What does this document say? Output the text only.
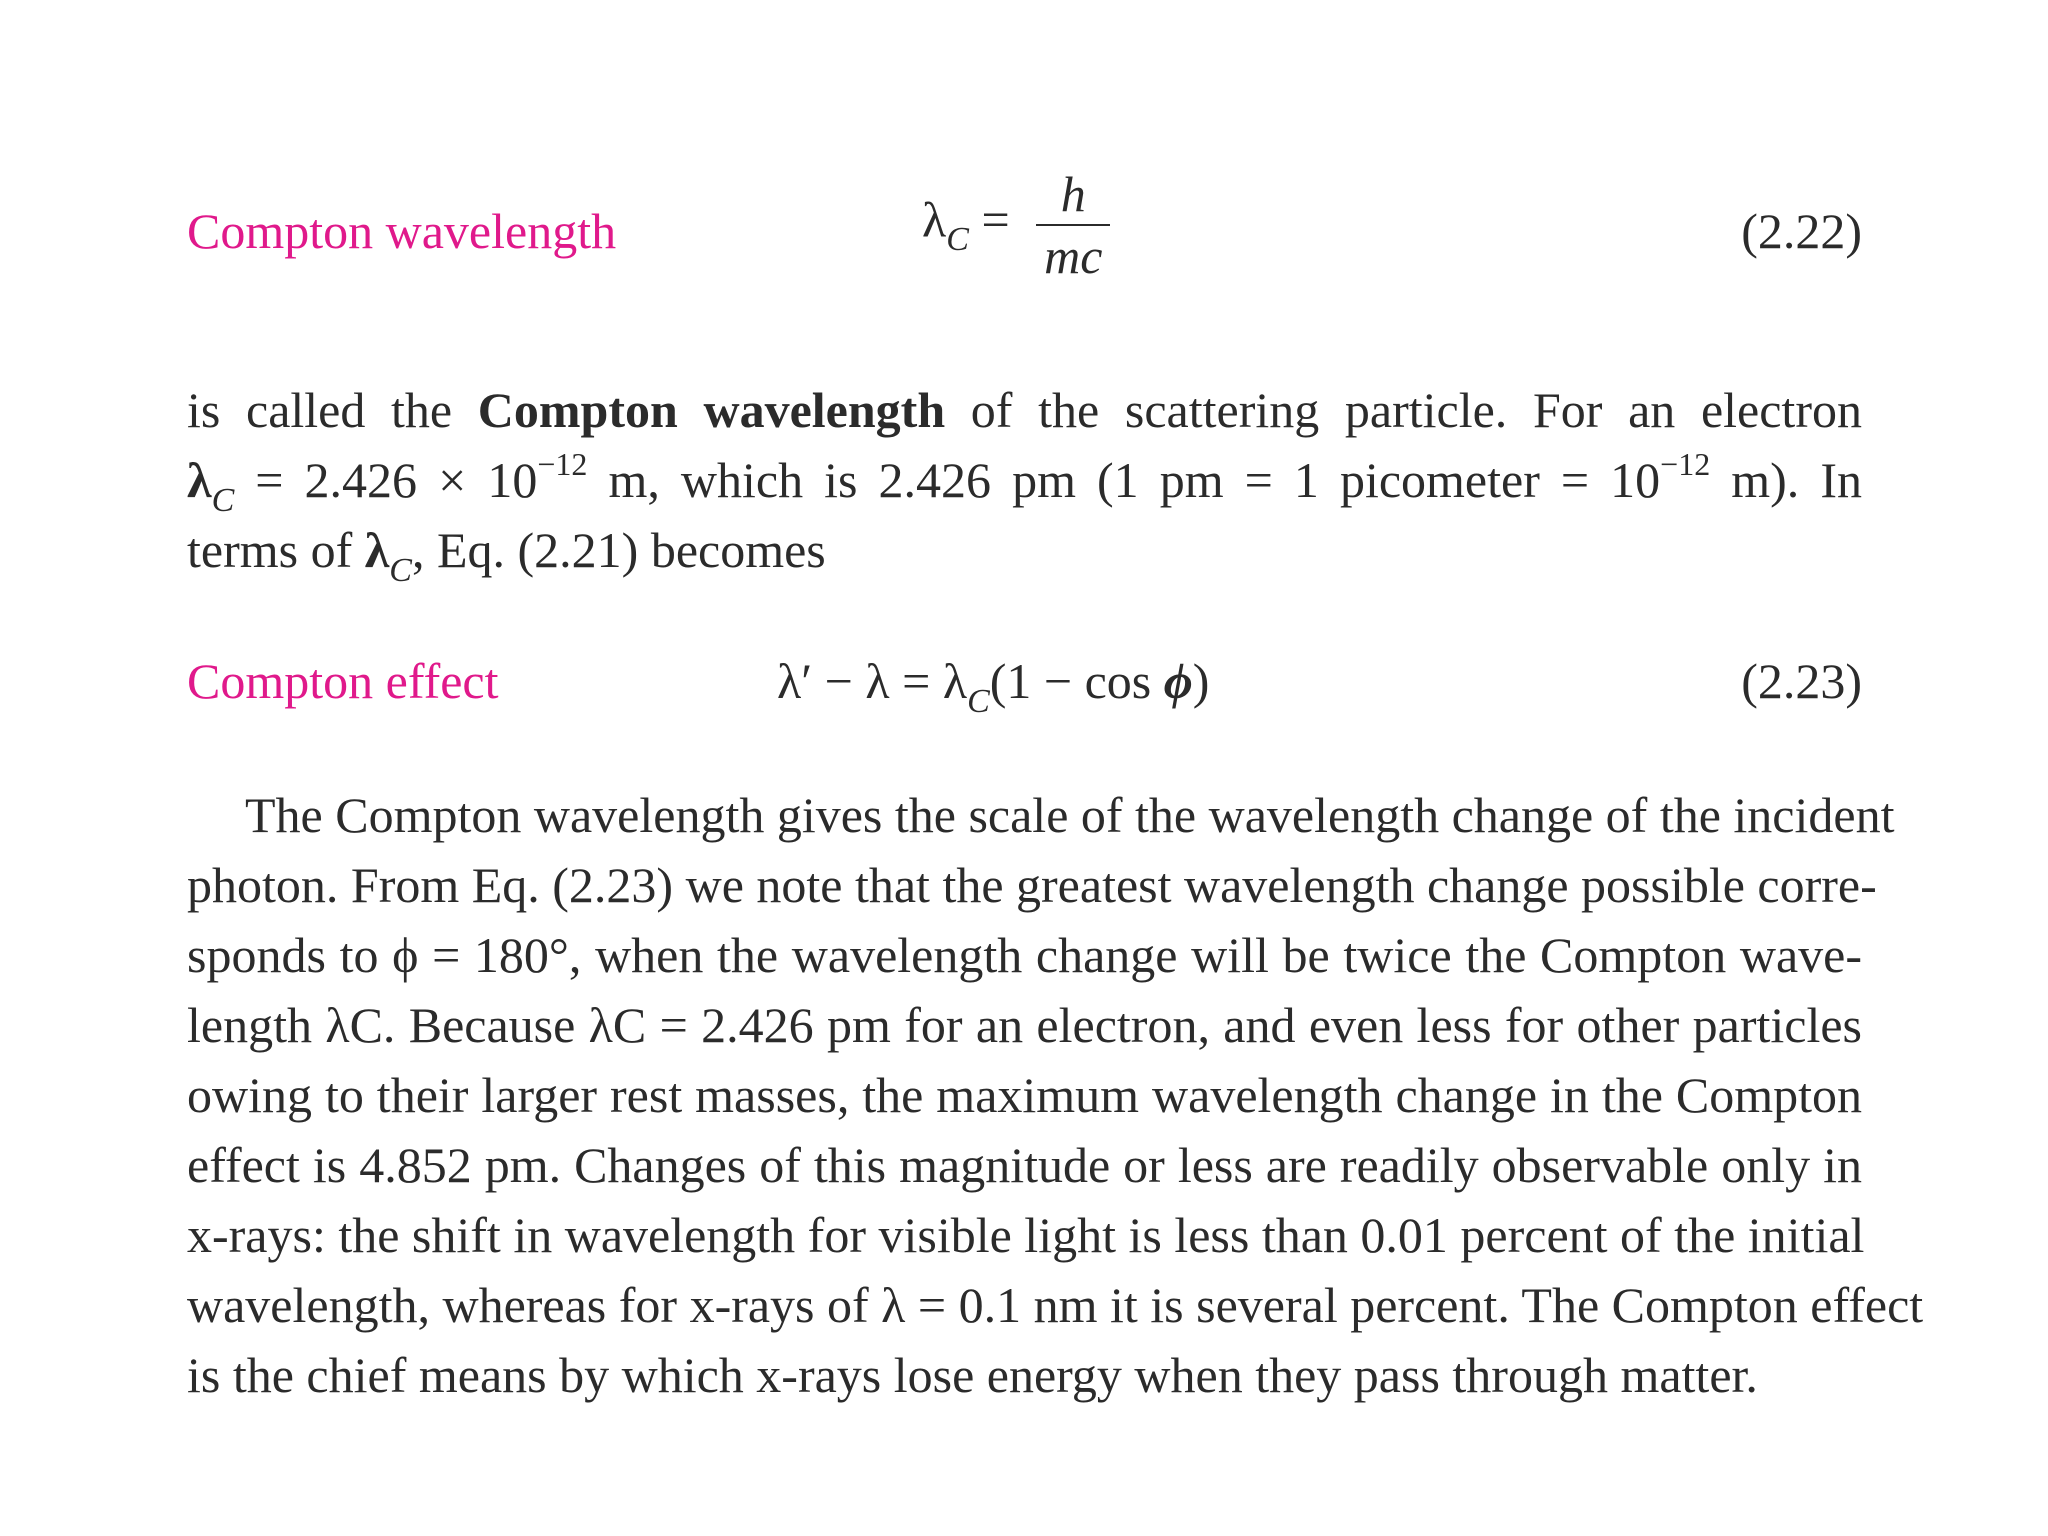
Compton wavelength	$\lambda_C = \frac{h}{mc}$	(2.22)
is called the Compton wavelength of the scattering particle. For an electron
$\lambda_C = 2.426 \times 10^{-12}$ m, which is 2.426 pm (1 pm = 1 picometer = $10^{-12}$ m). In
terms of $\lambda_C$, Eq. (2.21) becomes
Compton effect	$\lambda' - \lambda = \lambda_C(1 - \cos \phi)$	(2.23)
The Compton wavelength gives the scale of the wavelength change of the incident
photon. From Eq. (2.23) we note that the greatest wavelength change possible corre-
sponds to ϕ = 180°, when the wavelength change will be twice the Compton wave-
length λC. Because λC = 2.426 pm for an electron, and even less for other particles
owing to their larger rest masses, the maximum wavelength change in the Compton
effect is 4.852 pm. Changes of this magnitude or less are readily observable only in
x-rays: the shift in wavelength for visible light is less than 0.01 percent of the initial
wavelength, whereas for x-rays of λ = 0.1 nm it is several percent. The Compton effect
is the chief means by which x-rays lose energy when they pass through matter.
